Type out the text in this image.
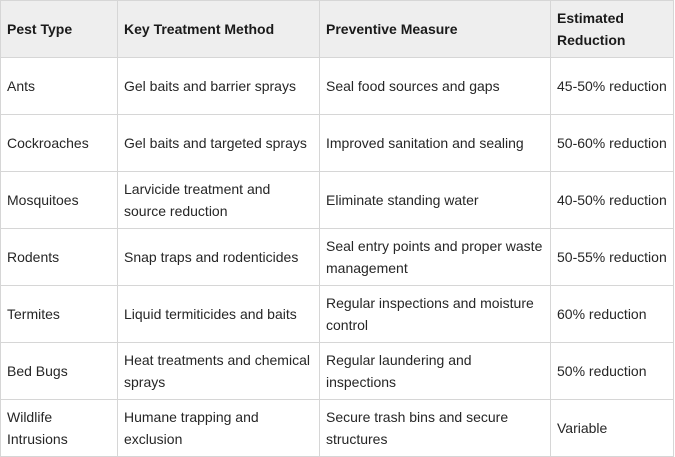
Pest Type	Key Treatment Method	Preventive Measure	Estimated Reduction
Ants	Gel baits and barrier sprays	Seal food sources and gaps	45-50% reduction
Cockroaches	Gel baits and targeted sprays	Improved sanitation and sealing	50-60% reduction
Mosquitoes	Larvicide treatment and source reduction	Eliminate standing water	40-50% reduction
Rodents	Snap traps and rodenticides	Seal entry points and proper waste management	50-55% reduction
Termites	Liquid termiticides and baits	Regular inspections and moisture control	60% reduction
Bed Bugs	Heat treatments and chemical sprays	Regular laundering and inspections	50% reduction
Wildlife Intrusions	Humane trapping and exclusion	Secure trash bins and secure structures	Variable
